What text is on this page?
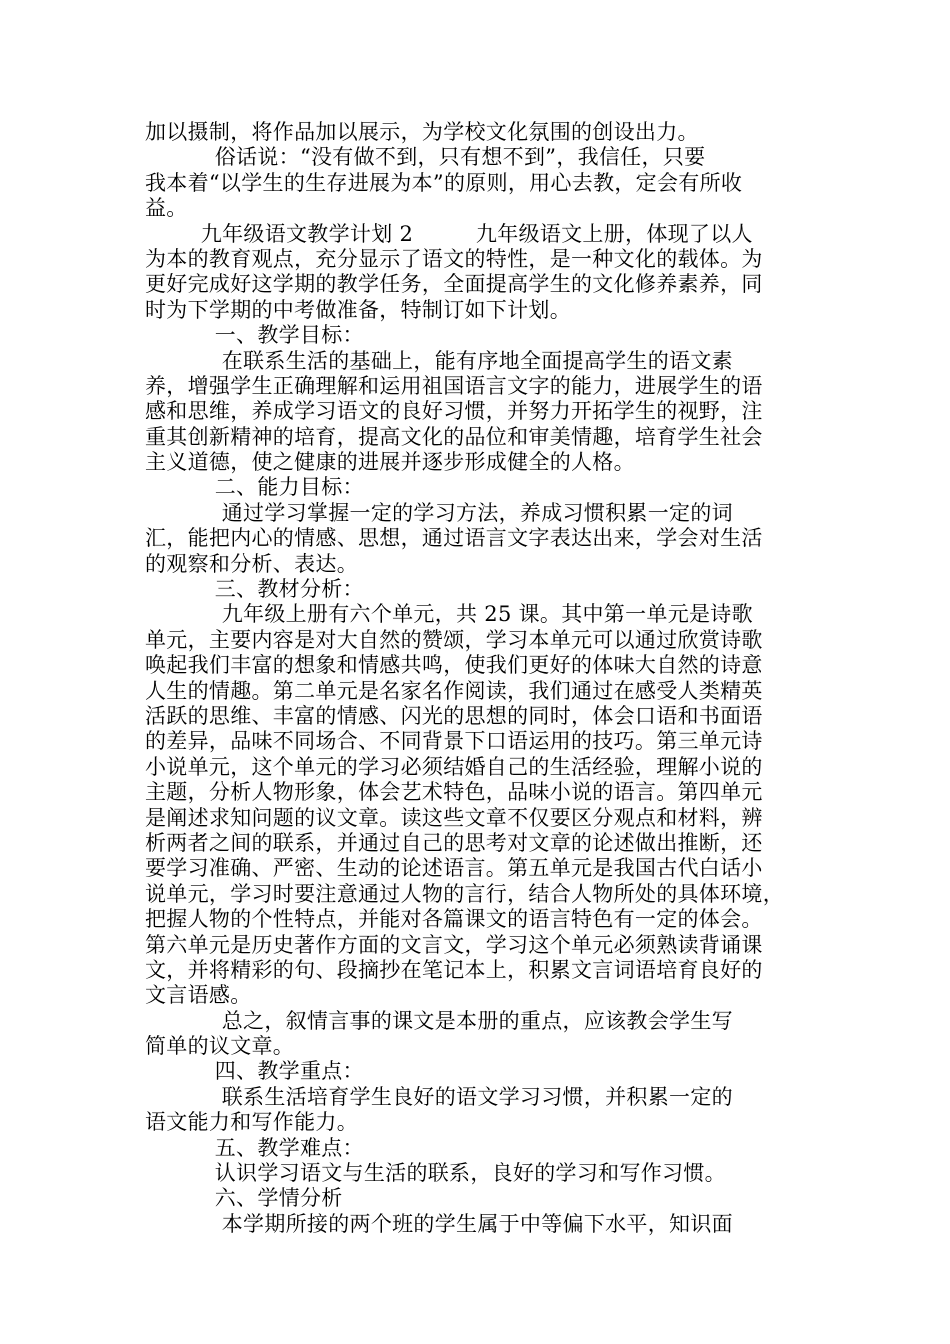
加以摄制，将作品加以展示，为学校文化氛围的创设出力。
俗话说：“没有做不到，只有想不到”，我信任，只要
我本着“以学生的生存进展为本”的原则，用心去教，定会有所收
益。
九年级语文教学计划 2         九年级语文上册，体现了以人
为本的教育观点，充分显示了语文的特性，是一种文化的载体。为
更好完成好这学期的教学任务，全面提高学生的文化修养素养，同
时为下学期的中考做准备，特制订如下计划。
一、教学目标：
在联系生活的基础上，能有序地全面提高学生的语文素
养，增强学生正确理解和运用祖国语言文字的能力，进展学生的语
感和思维，养成学习语文的良好习惯，并努力开拓学生的视野，注
重其创新精神的培育，提高文化的品位和审美情趣，培育学生社会
主义道德，使之健康的进展并逐步形成健全的人格。
二、能力目标：
通过学习掌握一定的学习方法，养成习惯积累一定的词
汇，能把内心的情感、思想，通过语言文字表达出来，学会对生活
的观察和分析、表达。
三、教材分析：
九年级上册有六个单元，共 25 课。其中第一单元是诗歌
单元，主要内容是对大自然的赞颂，学习本单元可以通过欣赏诗歌
唤起我们丰富的想象和情感共鸣，使我们更好的体味大自然的诗意
人生的情趣。第二单元是名家名作阅读，我们通过在感受人类精英
活跃的思维、丰富的情感、闪光的思想的同时，体会口语和书面语
的差异，品味不同场合、不同背景下口语运用的技巧。第三单元诗
小说单元，这个单元的学习必须结婚自己的生活经验，理解小说的
主题，分析人物形象，体会艺术特色，品味小说的语言。第四单元
是阐述求知问题的议文章。读这些文章不仅要区分观点和材料，辨
析两者之间的联系，并通过自己的思考对文章的论述做出推断，还
要学习准确、严密、生动的论述语言。第五单元是我国古代白话小
说单元，学习时要注意通过人物的言行，结合人物所处的具体环境，
把握人物的个性特点，并能对各篇课文的语言特色有一定的体会。
第六单元是历史著作方面的文言文，学习这个单元必须熟读背诵课
文，并将精彩的句、段摘抄在笔记本上，积累文言词语培育良好的
文言语感。
总之，叙情言事的课文是本册的重点，应该教会学生写
简单的议文章。
四、教学重点：
联系生活培育学生良好的语文学习习惯，并积累一定的
语文能力和写作能力。
五、教学难点：
认识学习语文与生活的联系，良好的学习和写作习惯。
六、学情分析
本学期所接的两个班的学生属于中等偏下水平，知识面
